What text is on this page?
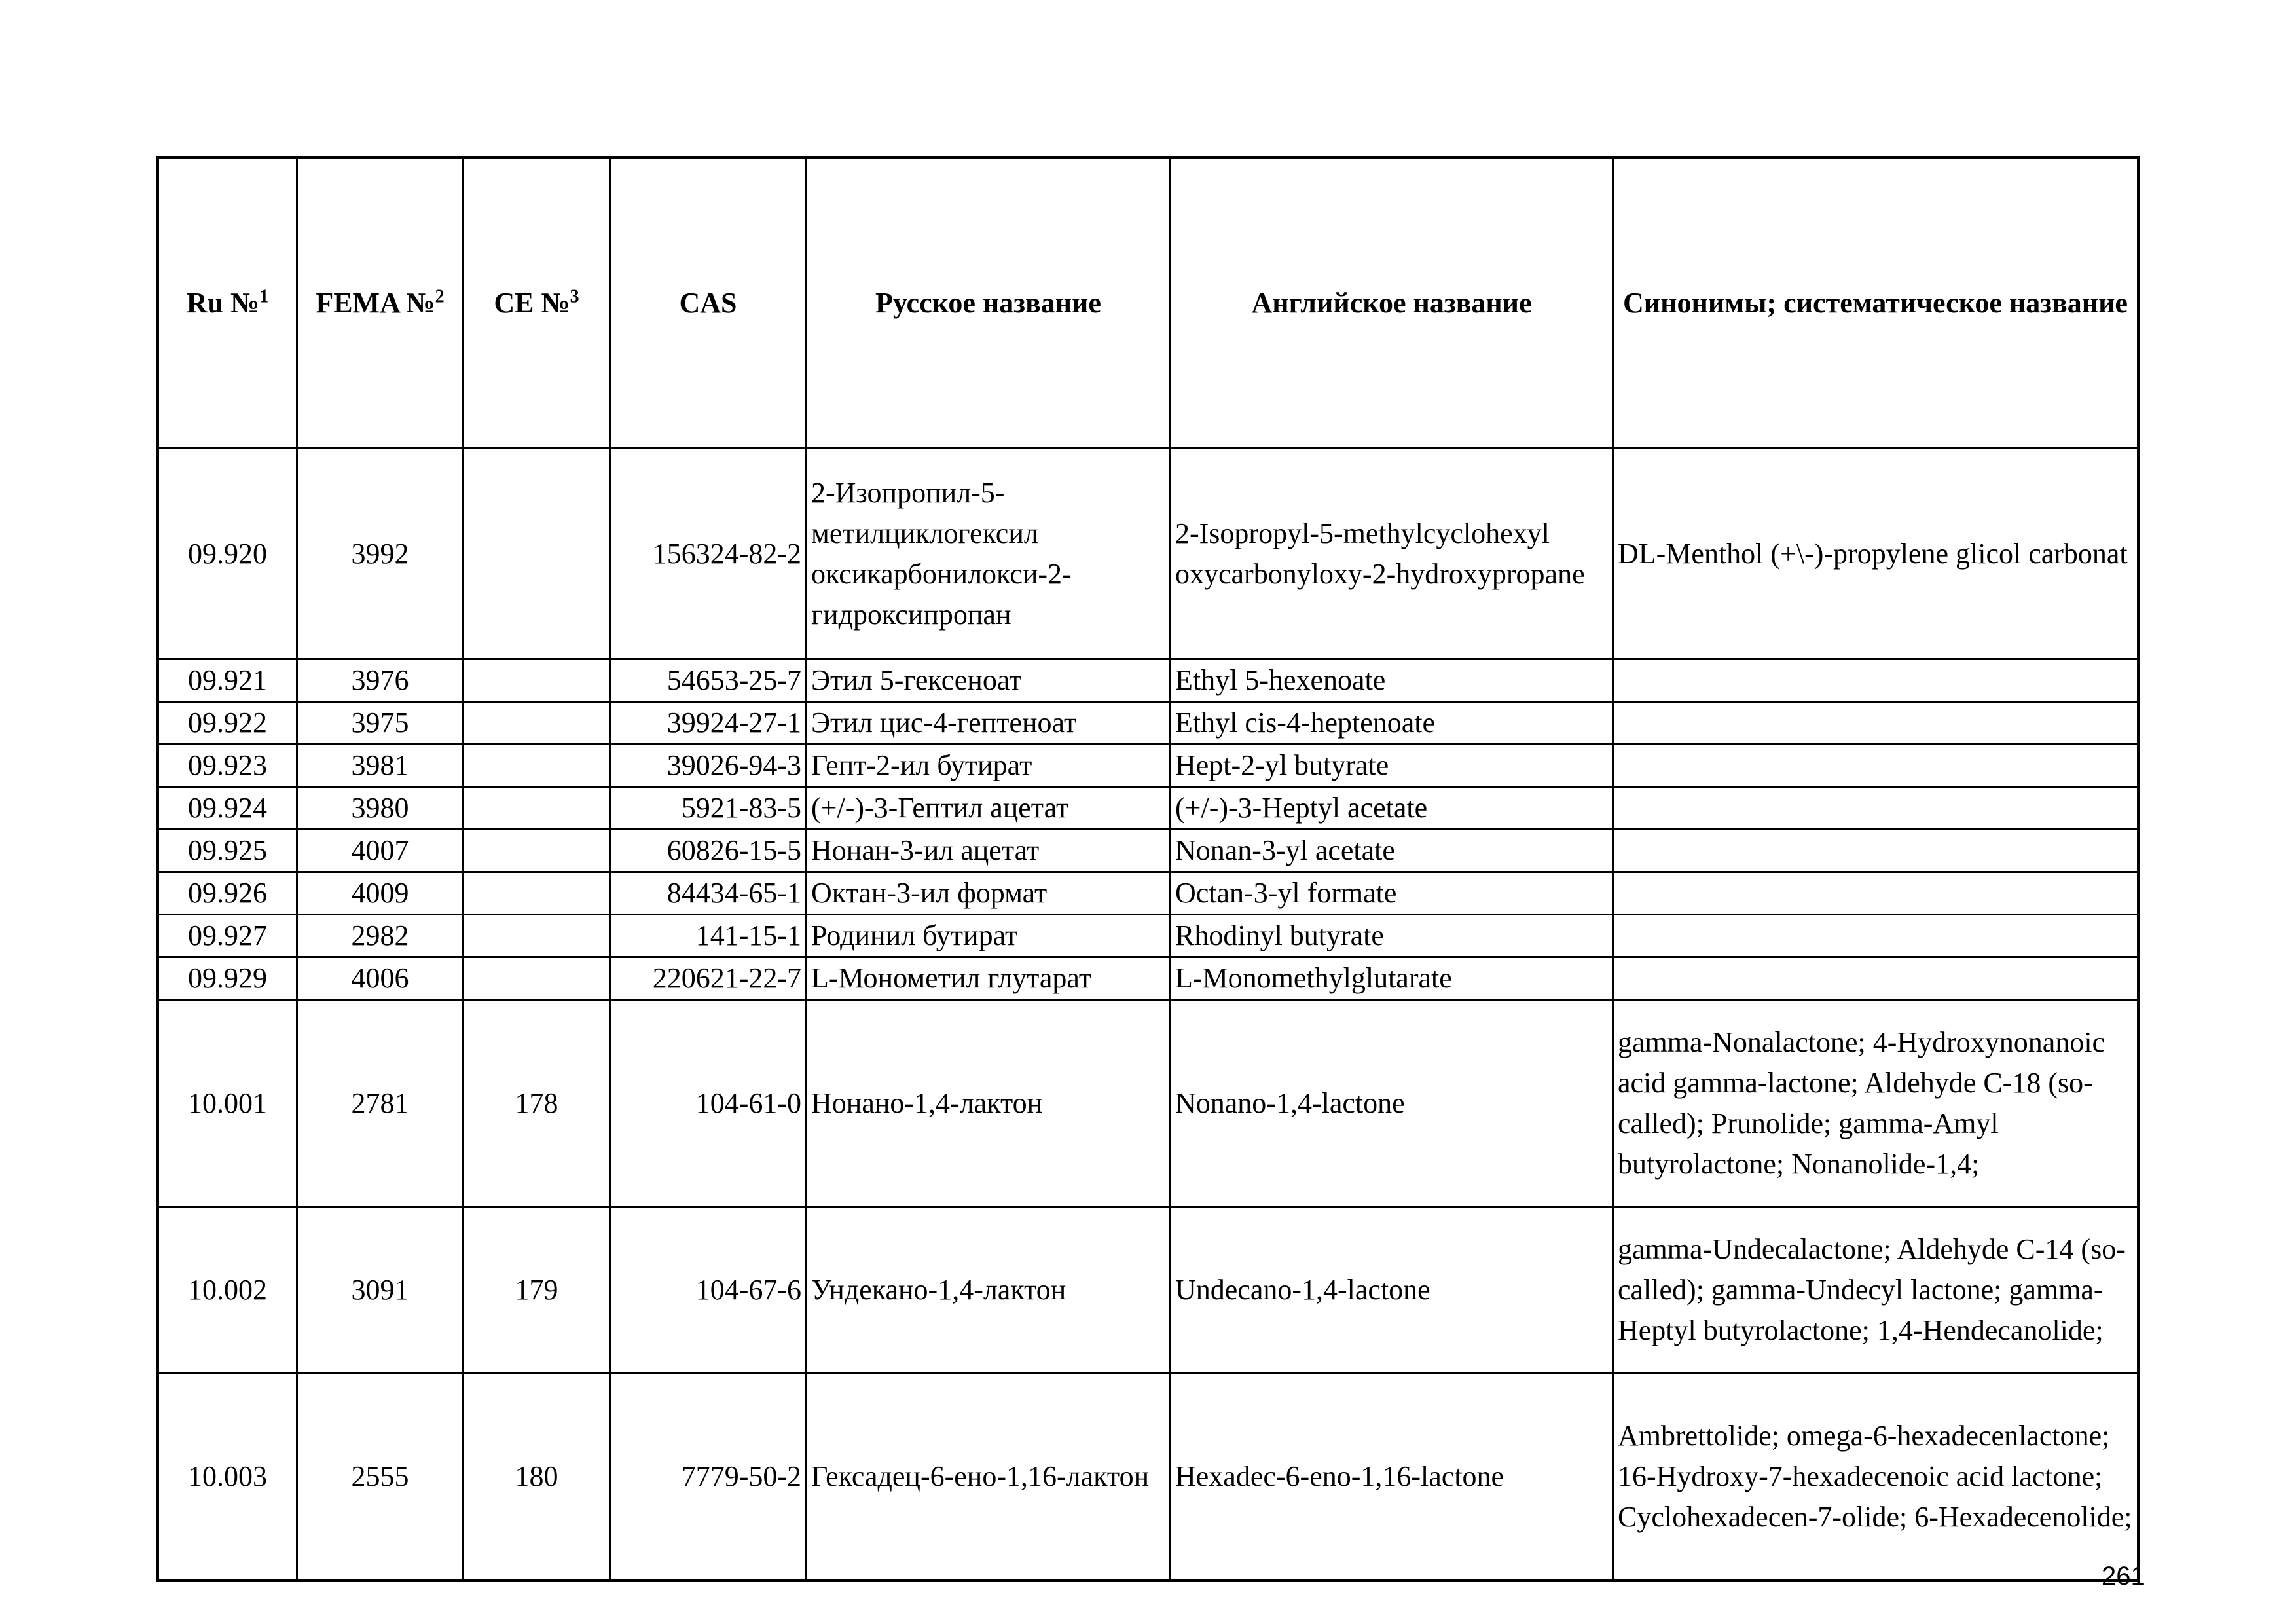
Ru №$^1$	FEMA №$^2$	CE №$^3$	CAS	Русское название	Английское название	Синонимы; систематическое название
09.920	3992		156324-82-2	2-Изопропил-5-метилциклогексил оксикарбонилокси-2-гидроксипропан	2-Isopropyl-5-methylcyclohexyl oxycarbonyloxy-2-hydroxypropane	DL-Menthol (+\-)-propylene glicol carbonat
09.921	3976		54653-25-7	Этил 5-гексеноат	Ethyl 5-hexenoate	
09.922	3975		39924-27-1	Этил цис-4-гептеноат	Ethyl cis-4-heptenoate	
09.923	3981		39026-94-3	Гепт-2-ил бутират	Hept-2-yl butyrate	
09.924	3980		5921-83-5	(+/-)-3-Гептил ацетат	(+/-)-3-Heptyl acetate	
09.925	4007		60826-15-5	Нонан-3-ил ацетат	Nonan-3-yl acetate	
09.926	4009		84434-65-1	Октан-3-ил формат	Octan-3-yl formate	
09.927	2982		141-15-1	Родинил бутират	Rhodinyl butyrate	
09.929	4006		220621-22-7	L-Монометил глутарат	L-Monomethylglutarate	
10.001	2781	178	104-61-0	Нонано-1,4-лактон	Nonano-1,4-lactone	gamma-Nonalactone; 4-Hydroxynonanoic acid gamma-lactone; Aldehyde C-18 (so-called); Prunolide; gamma-Amyl butyrolactone; Nonanolide-1,4;
10.002	3091	179	104-67-6	Ундекано-1,4-лактон	Undecano-1,4-lactone	gamma-Undecalactone; Aldehyde C-14 (so-called); gamma-Undecyl lactone; gamma-Heptyl butyrolactone; 1,4-Hendecanolide;
10.003	2555	180	7779-50-2	Гексадец-6-ено-1,16-лактон	Hexadec-6-eno-1,16-lactone	Ambrettolide; omega-6-hexadecenlactone; 16-Hydroxy-7-hexadecenoic acid lactone; Cyclohexadecen-7-olide; 6-Hexadecenolide;
261
